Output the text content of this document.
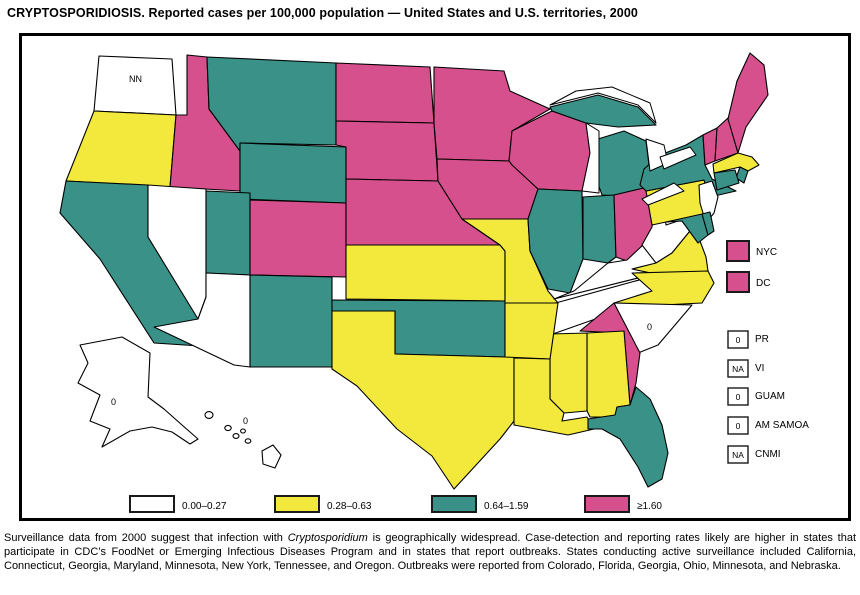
CRYPTOSPORIDIOSIS. Reported cases per 100,000 population — United States and U.S. territories, 2000
NN
0
0
0
NYC
DC
0 PR
NA VI
0 GUAM
0 AM SAMOA
NA CNMI
0.00–0.27	0.28–0.63	0.64–1.59	≥1.60
Surveillance data from 2000 suggest that infection with Cryptosporidium is geographically widespread. Case-detection and reporting rates likely are higher in states that participate in CDC’s FoodNet or Emerging Infectious Diseases Program and in states that report outbreaks. States conducting active surveillance included California, Connecticut, Georgia, Maryland, Minnesota, New York, Tennessee, and Oregon. Outbreaks were reported from Colorado, Florida, Georgia, Ohio, Minnesota, and Nebraska.
